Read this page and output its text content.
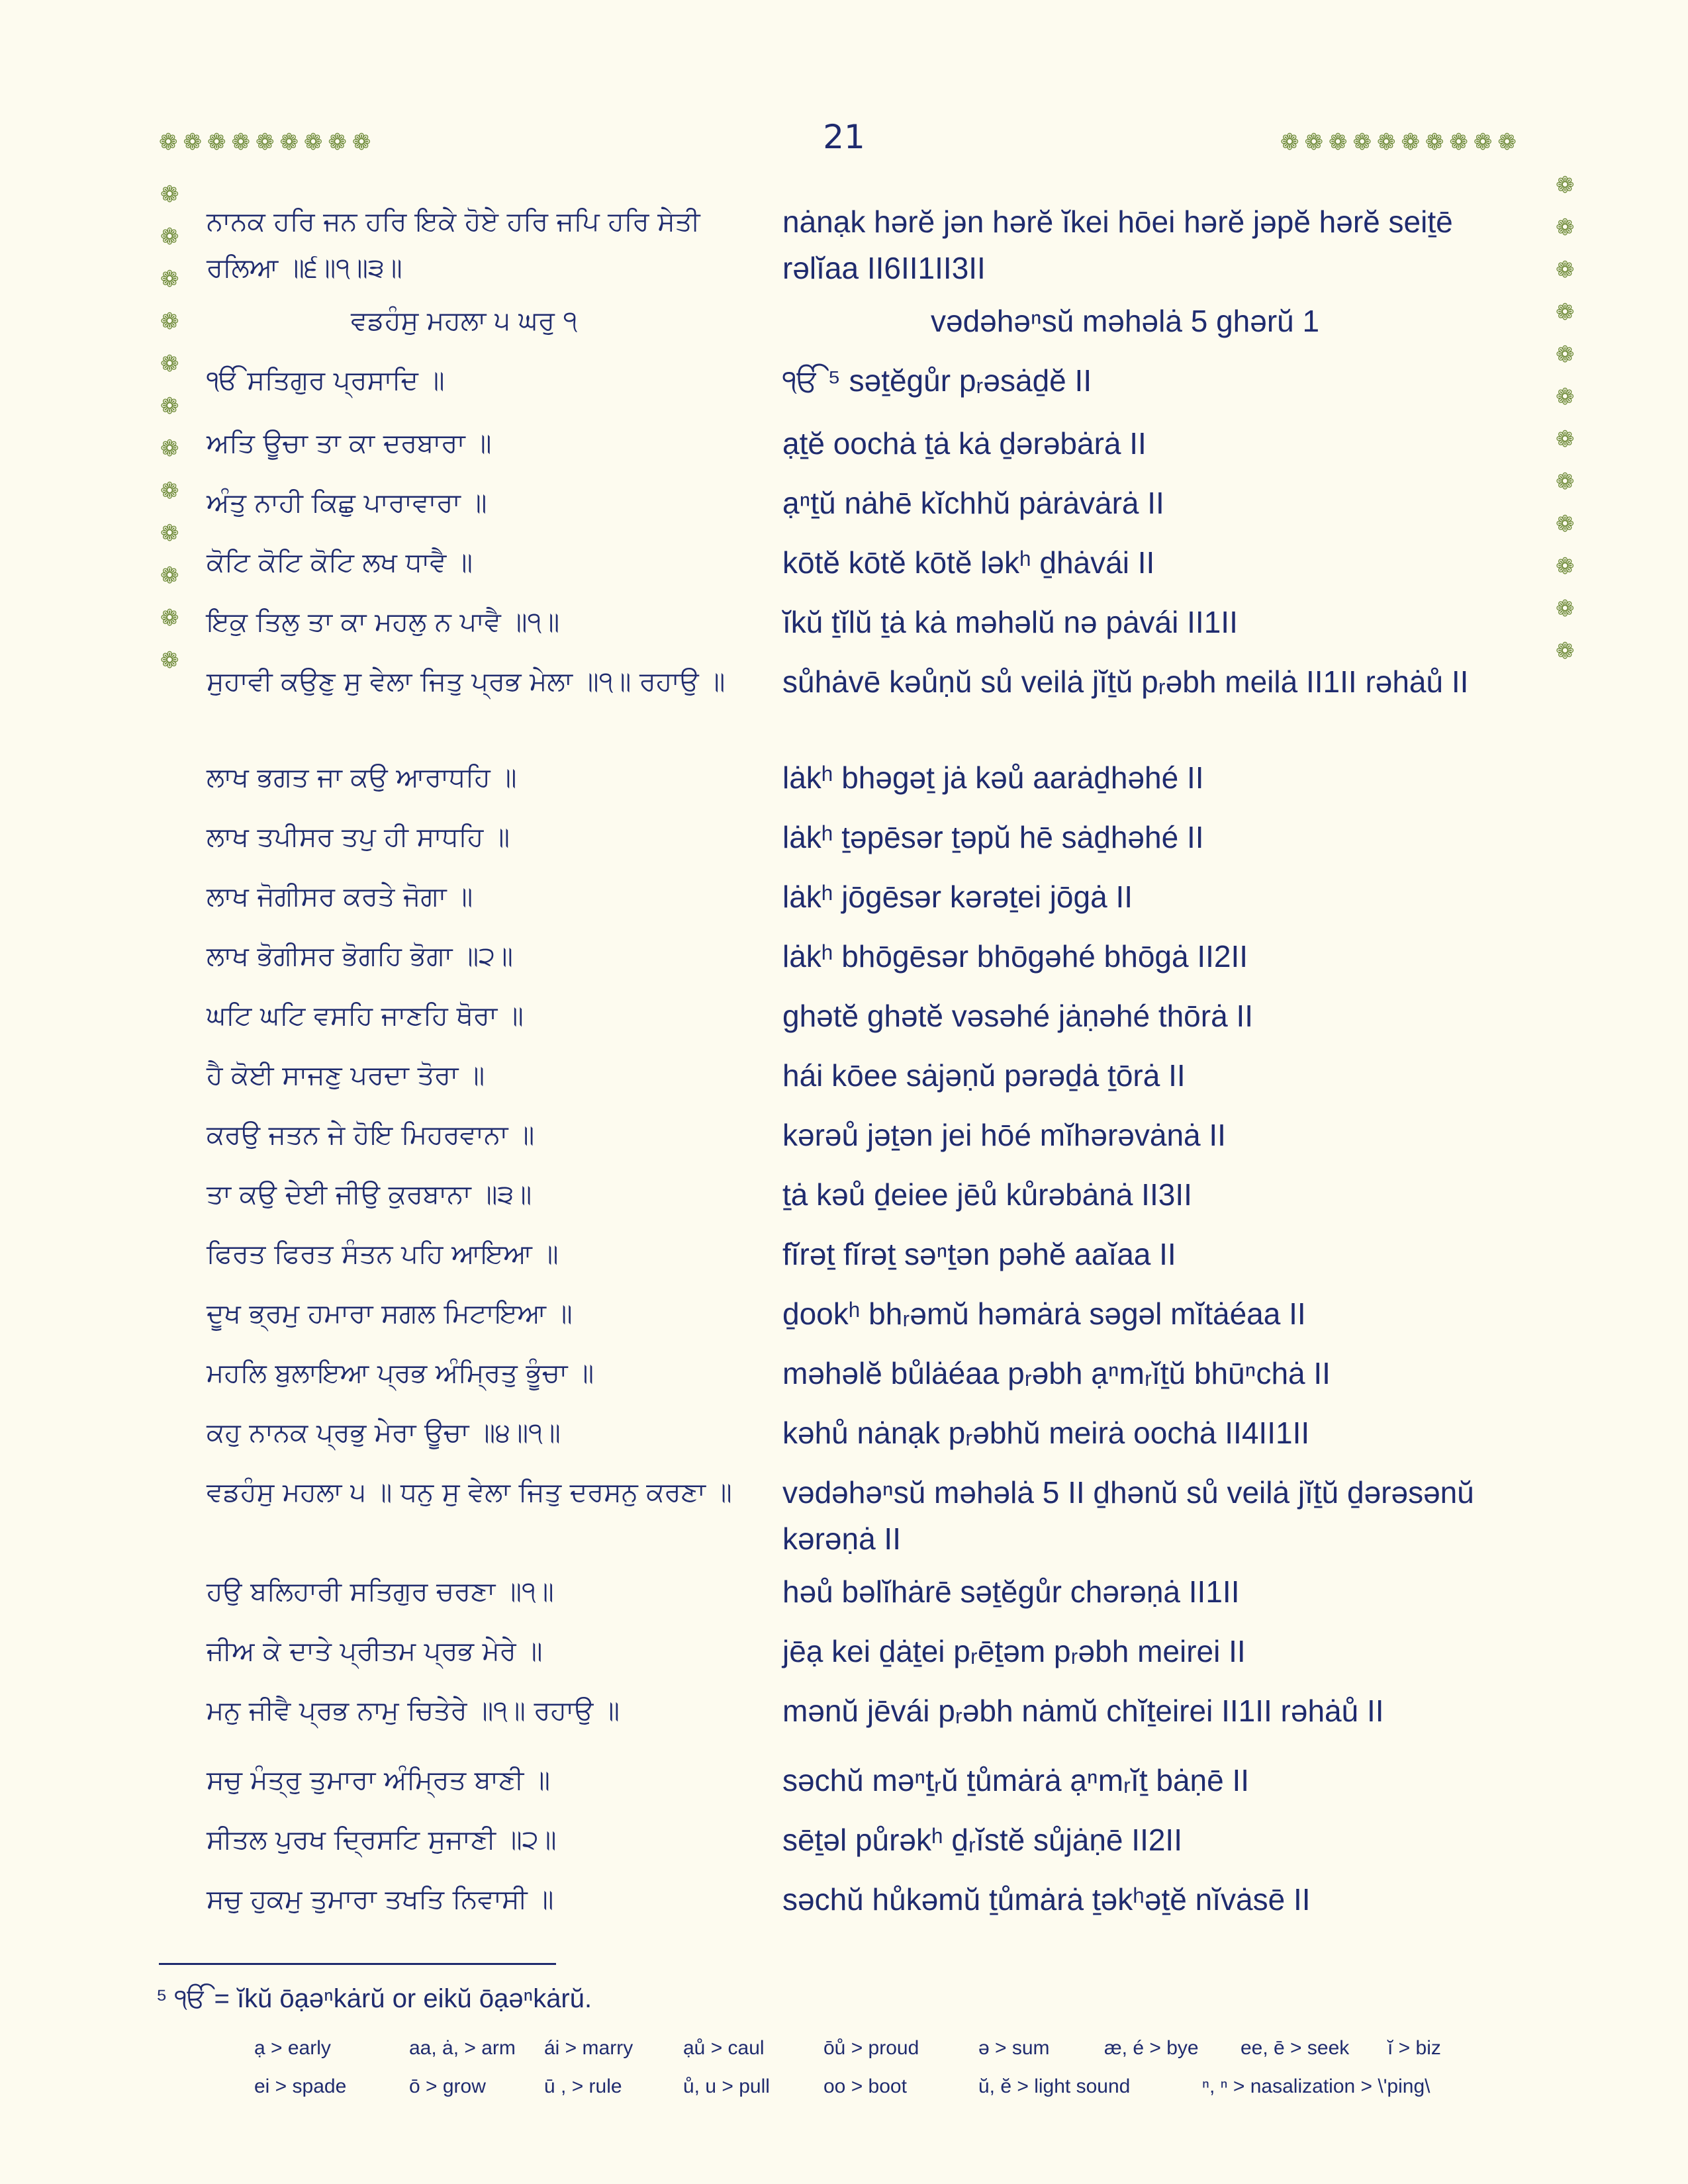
21
❁❁❁❁❁❁❁❁❁	❁❁❁❁❁❁❁❁❁❁
❁
❁
❁
❁
❁
❁
❁
❁
❁
❁
❁
❁
❁
❁
❁
❁
❁
❁
❁
❁
❁
❁
❁
❁
ਨਾਨਕ ਹਰਿ ਜਨ ਹਰਿ ਇਕੇ ਹੋਏ ਹਰਿ ਜਪਿ ਹਰਿ ਸੇਤੀ ਰਲਿਆ ॥੬॥੧॥੩॥
nȧnạk hərĕ jən hərĕ ĭkei hōei hərĕ jəpĕ hərĕ seiṯē rəlĭaa II6II1II3II
ਵਡਹੰਸੁ ਮਹਲਾ ੫ ਘਰੁ ੧	vədəhəⁿsŭ məhəlȧ 5 ghərŭ 1
ੴ ਸਤਿਗੁਰ ਪ੍ਰਸਾਦਿ ॥	ੴ ⁵ səṯĕgůr pᵣəsȧḏĕ II
ਅਤਿ ਊਚਾ ਤਾ ਕਾ ਦਰਬਾਰਾ ॥	ạṯĕ oochȧ ṯȧ kȧ ḏərəbȧrȧ II
ਅੰਤੁ ਨਾਹੀ ਕਿਛੁ ਪਾਰਾਵਾਰਾ ॥	ạⁿṯŭ nȧhē kĭchhŭ pȧrȧvȧrȧ II
ਕੋਟਿ ਕੋਟਿ ਕੋਟਿ ਲਖ ਧਾਵੈ ॥	kōtĕ kōtĕ kōtĕ ləkʰ ḏhȧvái II
ਇਕੁ ਤਿਲੁ ਤਾ ਕਾ ਮਹਲੁ ਨ ਪਾਵੈ ॥੧॥	ĭkŭ ṯĭlŭ ṯȧ kȧ məhəlŭ nə pȧvái II1II
ਸੁਹਾਵੀ ਕਉਣੁ ਸੁ ਵੇਲਾ ਜਿਤੁ ਪ੍ਰਭ ਮੇਲਾ ॥੧॥ ਰਹਾਉ ॥	sůhȧvē kəůṇŭ sů veilȧ jĭṯŭ pᵣəbh meilȧ II1II rəhȧů II
ਲਾਖ ਭਗਤ ਜਾ ਕਉ ਆਰਾਧਹਿ ॥	lȧkʰ bhəgəṯ jȧ kəů aarȧḏhəhé II
ਲਾਖ ਤਪੀਸਰ ਤਪੁ ਹੀ ਸਾਧਹਿ ॥	lȧkʰ ṯəpēsər ṯəpŭ hē sȧḏhəhé II
ਲਾਖ ਜੋਗੀਸਰ ਕਰਤੇ ਜੋਗਾ ॥	lȧkʰ jōgēsər kərəṯei jōgȧ II
ਲਾਖ ਭੋਗੀਸਰ ਭੋਗਹਿ ਭੋਗਾ ॥੨॥	lȧkʰ bhōgēsər bhōgəhé bhōgȧ II2II
ਘਟਿ ਘਟਿ ਵਸਹਿ ਜਾਣਹਿ ਥੋਰਾ ॥	ghətĕ ghətĕ vəsəhé jȧṇəhé thōrȧ II
ਹੈ ਕੋਈ ਸਾਜਣੁ ਪਰਦਾ ਤੋਰਾ ॥	hái kōee sȧjəṇŭ pərəḏȧ ṯōrȧ II
ਕਰਉ ਜਤਨ ਜੇ ਹੋਇ ਮਿਹਰਵਾਨਾ ॥	kərəů jəṯən jei hōé mĭhərəvȧnȧ II
ਤਾ ਕਉ ਦੇਈ ਜੀਉ ਕੁਰਬਾਨਾ ॥੩॥	ṯȧ kəů ḏeiee jēů kůrəbȧnȧ II3II
ਫਿਰਤ ਫਿਰਤ ਸੰਤਨ ਪਹਿ ਆਇਆ ॥	fĭrəṯ fĭrəṯ səⁿṯən pəhĕ aaĭaa II
ਦੂਖ ਭ੍ਰਮੁ ਹਮਾਰਾ ਸਗਲ ਮਿਟਾਇਆ ॥	ḏookʰ bhᵣəmŭ həmȧrȧ səgəl mĭtȧéaa II
ਮਹਲਿ ਬੁਲਾਇਆ ਪ੍ਰਭ ਅੰਮ੍ਰਿਤੁ ਭੂੰਚਾ ॥	məhəlĕ bůlȧéaa pᵣəbh ạⁿmᵣĭṯŭ bhūⁿchȧ II
ਕਹੁ ਨਾਨਕ ਪ੍ਰਭੁ ਮੇਰਾ ਊਚਾ ॥੪॥੧॥	kəhů nȧnạk pᵣəbhŭ meirȧ oochȧ II4II1II
ਵਡਹੰਸੁ ਮਹਲਾ ੫ ॥ ਧਨੁ ਸੁ ਵੇਲਾ ਜਿਤੁ ਦਰਸਨੁ ਕਰਣਾ ॥ vədəhəⁿsŭ məhəlȧ 5 II ḏhənŭ sů veilȧ jĭṯŭ ḏərəsənŭ kərəṇȧ II
ਹਉ ਬਲਿਹਾਰੀ ਸਤਿਗੁਰ ਚਰਣਾ ॥੧॥	həů bəlĭhȧrē səṯĕgůr chərəṇȧ II1II
ਜੀਅ ਕੇ ਦਾਤੇ ਪ੍ਰੀਤਮ ਪ੍ਰਭ ਮੇਰੇ ॥	jēạ kei ḏȧṯei pᵣēṯəm pᵣəbh meirei II
ਮਨੁ ਜੀਵੈ ਪ੍ਰਭ ਨਾਮੁ ਚਿਤੇਰੇ ॥੧॥ ਰਹਾਉ ॥	mənŭ jēvái pᵣəbh nȧmŭ chĭṯeirei II1II rəhȧů II
ਸਚੁ ਮੰਤ੍ਰੁ ਤੁਮਾਰਾ ਅੰਮ੍ਰਿਤ ਬਾਣੀ ॥	səchŭ məⁿṯᵣŭ ṯůmȧrȧ ạⁿmᵣĭṯ bȧṇē II
ਸੀਤਲ ਪੁਰਖ ਦ੍ਰਿਸਟਿ ਸੁਜਾਣੀ ॥੨॥	sēṯəl půrəkʰ ḏᵣĭstĕ sůjȧṇē II2II
ਸਚੁ ਹੁਕਮੁ ਤੁਮਾਰਾ ਤਖਤਿ ਨਿਵਾਸੀ ॥	səchŭ hůkəmŭ ṯůmȧrȧ ṯəkʰəṯĕ nĭvȧsē II
⁵ ੴ = ĭkŭ ōạəⁿkȧrŭ or eikŭ ōạəⁿkȧrŭ.
ạ > early	aa, ȧ, > arm ái > marry	ạů > caul	ōů > proud	ə > sum	æ, é > bye ee, ē > seek ĭ > biz
ei > spade	ō > grow	ū , > rule	ů, u > pull	oo > boot	ŭ, ĕ > light sound	ⁿ, ⁿ > nasalization > \'ping\
